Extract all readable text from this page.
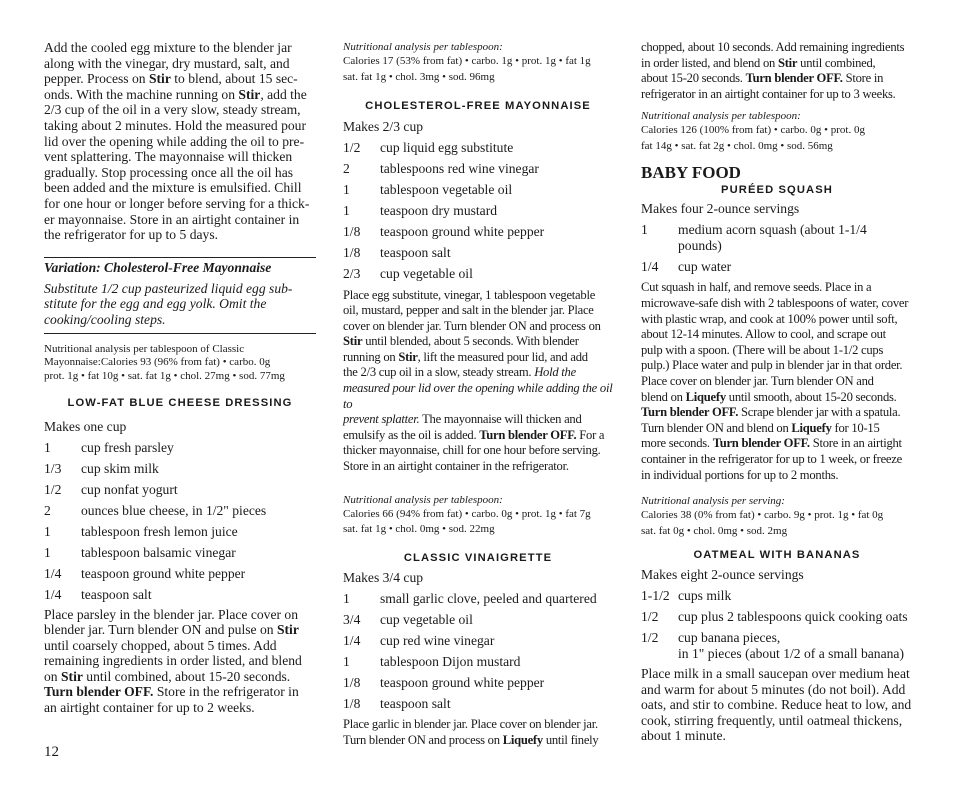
Add the cooled egg mixture to the blender jar
along with the vinegar, dry mustard, salt, and
pepper. Process on Stir to blend, about 15 sec-
onds. With the machine running on Stir, add the
2/3 cup of the oil in a very slow, steady stream,
taking about 2 minutes. Hold the measured pour
lid over the opening while adding the oil to pre-
vent splattering. The mayonnaise will thicken
gradually. Stop processing once all the oil has
been added and the mixture is emulsified. Chill
for one hour or longer before serving for a thick-
er mayonnaise. Store in an airtight container in
the refrigerator for up to 5 days.

Variation: Cholesterol-Free Mayonnaise

Substitute 1/2 cup pasteurized liquid egg sub-
stitute for the egg and egg yolk. Omit the
cooking/cooling steps.
Nutritional analysis per tablespoon of Classic
Mayonnaise:Calories 93 (96% from fat) • carbo. 0g
prot. 1g • fat 10g • sat. fat 1g • chol. 27mg • sod. 77mg

LOW-FAT BLUE CHEESE DRESSING

Makes one cup

1	cup fresh parsley
1/3	cup skim milk
1/2	cup nonfat yogurt
2	ounces blue cheese, in 1/2" pieces
1	tablespoon fresh lemon juice
1	tablespoon balsamic vinegar
1/4	teaspoon ground white pepper
1/4	teaspoon salt
Place parsley in the blender jar. Place cover on
blender jar. Turn blender ON and pulse on Stir
until coarsely chopped, about 5 times. Add
remaining ingredients in order listed, and blend
on Stir until combined, about 15-20 seconds.
Turn blender OFF. Store in the refrigerator in
an airtight container for up to 2 weeks.

Nutritional analysis per tablespoon:

Calories 17 (53% from fat) • carbo. 1g • prot. 1g • fat 1g
sat. fat 1g • chol. 3mg • sod. 96mg

CHOLESTEROL-FREE MAYONNAISE

Makes 2/3 cup

1/2	cup liquid egg substitute
2	tablespoons red wine vinegar
1	tablespoon vegetable oil
1	teaspoon dry mustard
1/8	teaspoon ground white pepper
1/8	teaspoon salt
2/3	cup vegetable oil
Place egg substitute, vinegar, 1 tablespoon vegetable
oil, mustard, pepper and salt in the blender jar. Place
cover on blender jar. Turn blender ON and process on
Stir until blended, about 5 seconds. With blender
running on Stir, lift the measured pour lid, and add
the 2/3 cup oil in a slow, steady stream. Hold the
measured pour lid over the opening while adding the oil to
prevent splatter. The mayonnaise will thicken and
emulsify as the oil is added. Turn blender OFF. For a
thicker mayonnaise, chill for one hour before serving.
Store in an airtight container in the refrigerator.

Nutritional analysis per tablespoon:

Calories 66 (94% from fat) • carbo. 0g • prot. 1g • fat 7g
sat. fat 1g • chol. 0mg • sod. 22mg

CLASSIC VINAIGRETTE

Makes 3/4 cup

1	small garlic clove, peeled and quartered
3/4	cup vegetable oil
1/4	cup red wine vinegar
1	tablespoon Dijon mustard
1/8	teaspoon ground white pepper
1/8	teaspoon salt
Place garlic in blender jar. Place cover on blender jar.
Turn blender ON and process on Liquefy until finely
chopped, about 10 seconds. Add remaining ingredients
in order listed, and blend on Stir until combined,
about 15-20 seconds. Turn blender OFF. Store in
refrigerator in an airtight container for up to 3 weeks.

Nutritional analysis per tablespoon:

Calories 126 (100% from fat) • carbo. 0g • prot. 0g
fat 14g • sat. fat 2g • chol. 0mg • sod. 56mg

BABY FOOD

PURÉED SQUASH

Makes four 2-ounce servings

1	medium acorn squash (about 1-1/4 pounds)
1/4	cup water
Cut squash in half, and remove seeds. Place in a
microwave-safe dish with 2 tablespoons of water, cover
with plastic wrap, and cook at 100% power until soft,
about 12-14 minutes. Allow to cool, and scrape out
pulp with a spoon. (There will be about 1-1/2 cups
pulp.) Place water and pulp in blender jar in that order.
Place cover on blender jar. Turn blender ON and
blend on Liquefy until smooth, about 15-20 seconds.
Turn blender OFF. Scrape blender jar with a spatula.
Turn blender ON and blend on Liquefy for 10-15
more seconds. Turn blender OFF. Store in an airtight
container in the refrigerator for up to 1 week, or freeze
in individual portions for up to 2 months.

Nutritional analysis per serving:

Calories 38 (0% from fat) • carbo. 9g • prot. 1g • fat 0g
sat. fat 0g • chol. 0mg • sod. 2mg

OATMEAL WITH BANANAS

Makes eight 2-ounce servings

1-1/2 cups milk
1/2	cup plus 2 tablespoons quick cooking oats
1/2	cup banana pieces,
in 1" pieces (about 1/2 of a small banana)
Place milk in a small saucepan over medium heat
and warm for about 5 minutes (do not boil). Add
oats, and stir to combine. Reduce heat to low, and
cook, stirring frequently, until oatmeal thickens,
about 1 minute.
12
